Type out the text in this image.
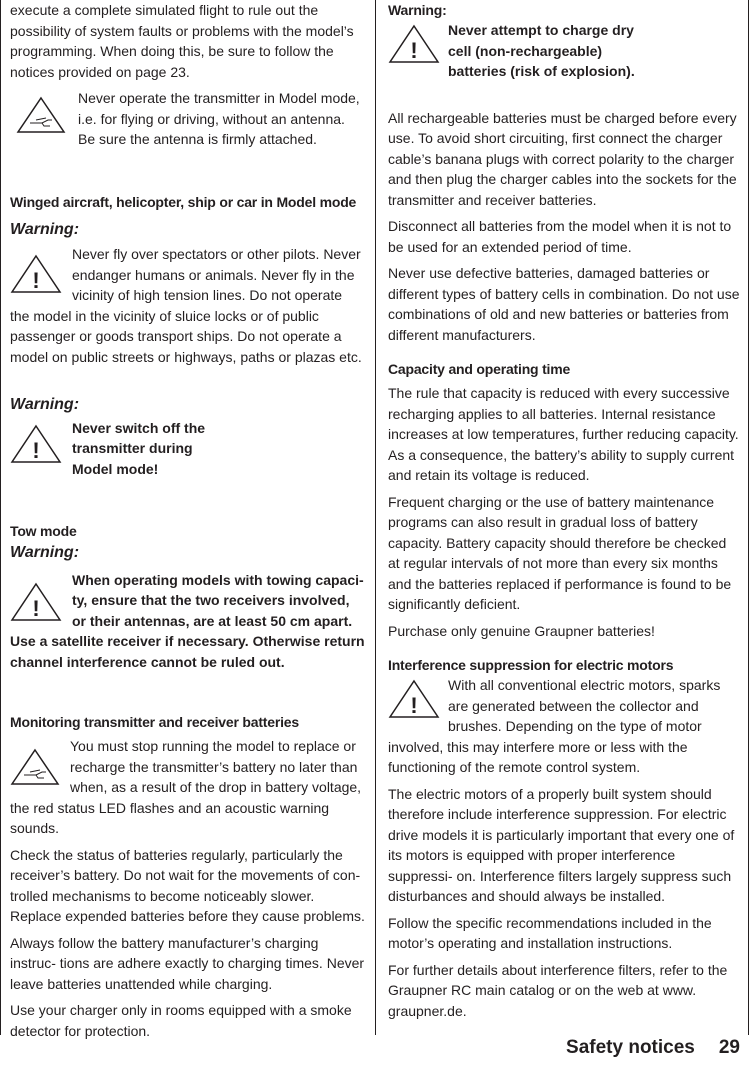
execute a complete simulated flight to rule out the possibility of system faults or problems with the model’s programming. When doing this, be sure to follow the notices provided on page 23.

Never operate the transmitter in Model mode, i.e. for flying or driving, without an antenna. Be sure the antenna is firmly attached.

Winged aircraft, helicopter, ship or car in Model mode

Warning:

!

Never fly over spectators or other pilots. Never endanger humans or animals. Never fly in the vicinity of high tension lines. Do not operate the model in the vicinity of sluice locks or of public passenger or goods transport ships. Do not operate a model on public streets or highways, paths or plazas etc.

Warning:

!

Never switch off the transmitter during Model mode!

Tow mode

Warning:

!

When operating models with towing capaci- ty, ensure that the two receivers involved, or their antennas, are at least 50 cm apart. Use a satellite receiver if necessary. Otherwise return channel interference cannot be ruled out.

Monitoring transmitter and receiver batteries

You must stop running the model to replace or recharge the transmitter’s battery no later than when, as a result of the drop in battery voltage, the red status LED flashes and an acoustic warning sounds.

Check the status of batteries regularly, particularly the receiver’s battery. Do not wait for the movements of con- trolled mechanisms to become noticeably slower. Replace expended batteries before they cause problems.

Always follow the battery manufacturer’s charging instruc- tions are adhere exactly to charging times. Never leave batteries unattended while charging.

Use your charger only in rooms equipped with a smoke detector for protection.

Warning:

!

Never attempt to charge dry cell (non-rechargeable) batteries (risk of explosion).

All rechargeable batteries must be charged before every use. To avoid short circuiting, first connect the charger cable’s banana plugs with correct polarity to the charger and then plug the charger cables into the sockets for the transmitter and receiver batteries.

Disconnect all batteries from the model when it is not to be used for an extended period of time.

Never use defective batteries, damaged batteries or different types of battery cells in combination. Do not use combinations of old and new batteries or batteries from different manufacturers.

Capacity and operating time

The rule that capacity is reduced with every successive recharging applies to all batteries. Internal resistance increases at low temperatures, further reducing capacity. As a consequence, the battery’s ability to supply current and retain its voltage is reduced.

Frequent charging or the use of battery maintenance programs can also result in gradual loss of battery capacity. Battery capacity should therefore be checked at regular intervals of not more than every six months and the batteries replaced if performance is found to be significantly deficient.

Purchase only genuine Graupner batteries!

Interference suppression for electric motors

!

With all conventional electric motors, sparks are generated between the collector and brushes. Depending on the type of motor involved, this may interfere more or less with the functioning of the remote control system.

The electric motors of a properly built system should therefore include interference suppression. For electric drive models it is particularly important that every one of its motors is equipped with proper interference suppressi- on. Interference filters largely suppress such disturbances and should always be installed.

Follow the specific recommendations included in the motor’s operating and installation instructions.

For further details about interference filters, refer to the Graupner RC main catalog or on the web at www. graupner.de.

Safety notices 29
